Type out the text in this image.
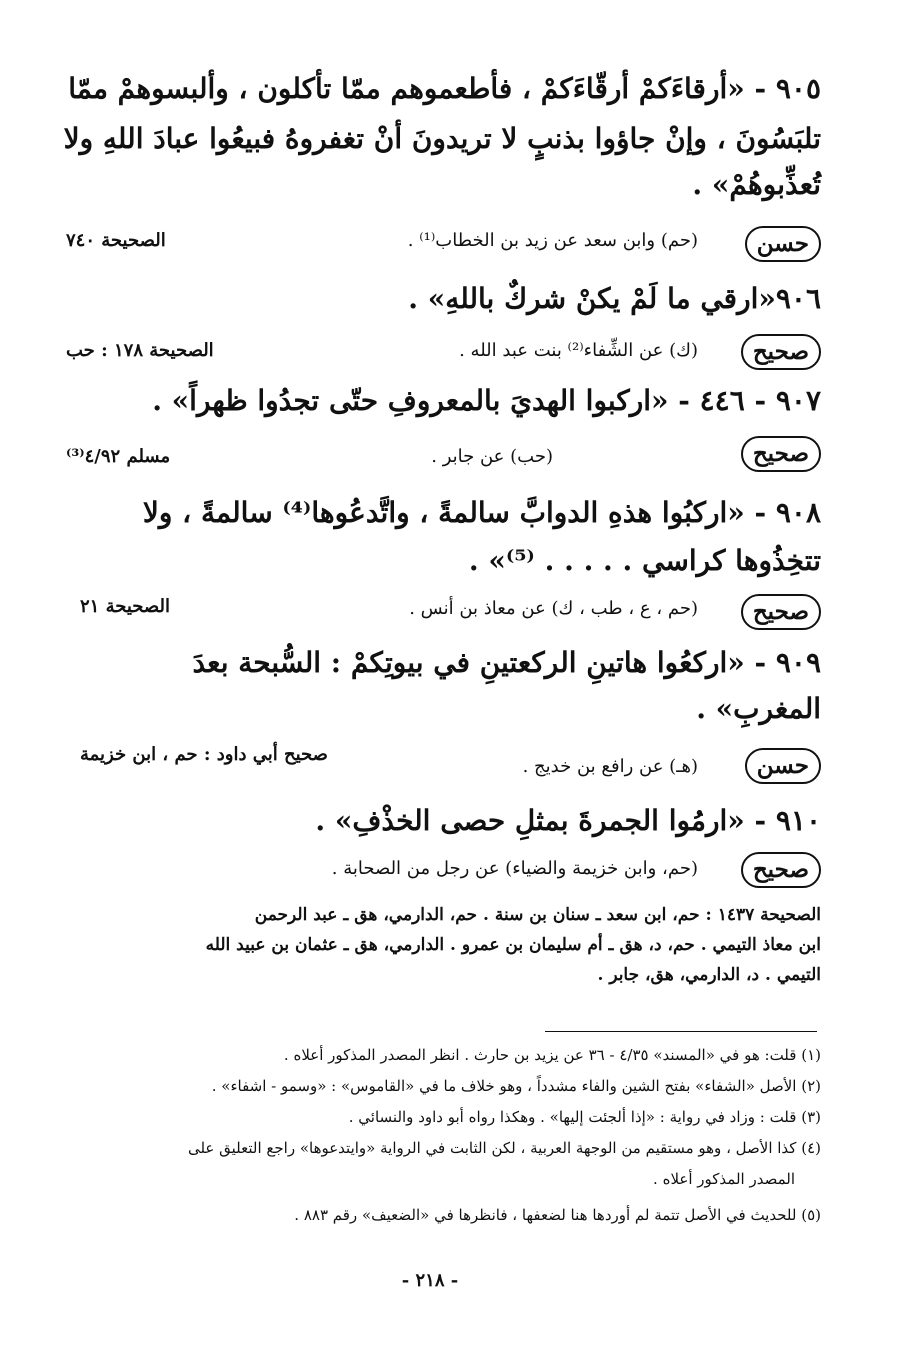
٩٠٥ - «أرقاءَكمْ أرقّاءَكمْ ، فأطعموهم ممّا تأكلون ، وألبسوهمْ ممّا
تلبَسُونَ ، وإنْ جاؤوا بذنبٍ لا تريدونَ أنْ تغفروهُ فبيعُوا عبادَ اللهِ ولا
تُعذِّبوهُمْ» .
حسن
(حم) وابن سعد عن زيد بن الخطاب⁽¹⁾ .
الصحيحة ٧٤٠
٩٠٦«ارقي ما لَمْ يكنْ شركٌ باللهِ» .
صحيح
(ك) عن الشِّفاء⁽²⁾ بنت عبد الله .
الصحيحة ١٧٨ : حب
٩٠٧ - ٤٤٦ - «اركبوا الهديَ بالمعروفِ حتّى تجدُوا ظهراً» .
صحيح
(حب) عن جابر .
مسلم ٤/٩٢⁽³⁾
٩٠٨ - «اركبُوا هذهِ الدوابَّ سالمةً ، واتَّدعُوها⁽⁴⁾ سالمةً ، ولا
تتخِذُوها كراسي . . . . . ⁽⁵⁾» .
صحيح
(حم ، ع ، طب ، ك) عن معاذ بن أنس .
الصحيحة ٢١
٩٠٩ - «اركعُوا هاتينِ الركعتينِ في بيوتِكمْ : السُّبحة بعدَ
المغربِ» .
حسن
(هـ) عن رافع بن خديج .
صحيح أبي داود : حم ، ابن خزيمة
٩١٠ - «ارمُوا الجمرةَ بمثلِ حصى الخذْفِ» .
صحيح
(حم، وابن خزيمة والضياء) عن رجل من الصحابة .
الصحيحة ١٤٣٧ : حم، ابن سعد ـ سنان بن سنة . حم، الدارمي، هق ـ عبد الرحمن
ابن معاذ التيمي . حم، د، هق ـ أم سليمان بن عمرو . الدارمي، هق ـ عثمان بن عبيد الله
التيمي . د، الدارمي، هق، جابر .
(١) قلت: هو في «المسند» ٤/٣٥ - ٣٦ عن يزيد بن حارث . انظر المصدر المذكور أعلاه .
(٢) الأصل «الشفاء» بفتح الشين والفاء مشدداً ، وهو خلاف ما في «القاموس» : «وسمو - اشفاء» .
(٣) قلت : وزاد في رواية : «إذا ألجئت إليها» . وهكذا رواه أبو داود والنسائي .
(٤) كذا الأصل ، وهو مستقيم من الوجهة العربية ، لكن الثابت في الرواية «وايتدعوها» راجع التعليق على
المصدر المذكور أعلاه .
(٥) للحديث في الأصل تتمة لم أوردها هنا لضعفها ، فانظرها في «الضعيف» رقم ٨٨٣ .
- ٢١٨ -
